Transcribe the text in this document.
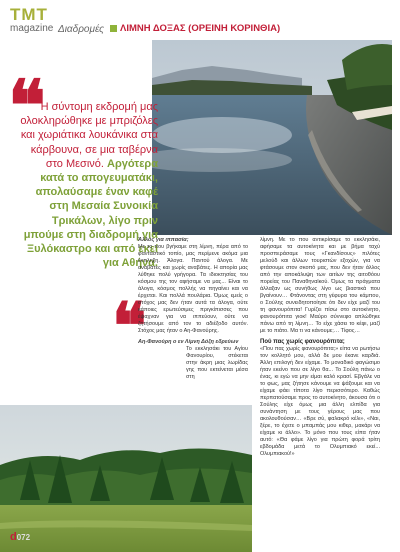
TMT
magazine Διαδρομές ΛΙΜΝΗ ΔΟΞΑΣ (ΟΡΕΙΝΗ ΚΟΡΙΝΘΙΑ)
❝
❝
Η σύντομη εκδρομή μας ολοκληρώθηκε με μπριζόλες και χωριάτικα λουκάνικα στα κάρβουνα, σε μια ταβέρνα στο Μεσινό. Αργότερα κατά το απογευματάκι, απολαύσαμε έναν καφέ στη Μεσαία Συνοικία Τρικάλων, λίγο πριν μπούμε στη διαδρομή για Ξυλόκαστρο και από εκεί για Αθήνα.
Άλλος για ιππασία;

Με το που βγήκαμε στη λίμνη, πέρα από το φανταστικό τοπίο, μας περίμενε ακόμα μια έκπληξη. Άλογα. Παντού άλογα. Με αναβάτες και χωρίς αναβάτες. Η απορία μας λύθηκε πολύ γρήγορα. Τα ιδιοκτησίας του κόσμου της τον αφήσαμε να μας... Είναι το άλογα, κόσμος πολλής να πηγαίνει και να έρχεται. Και πολλά πουλάρια. Όμως εμείς ο στόχος μας δεν ήταν αυτά τα άλογα, ούτε κάποιες ερωτεύσιμες πριγκίπισσες που έψαχναν για να ιππεύουν, ούτε να ζητήσουμε από τον το αδιέξοδο αυτόν. Στόχος μας ήταν ο Αη-Φανούρης.

Αη-Φανούρη ο εν Λίμνη Δόξη εδρεύων

Το εκκλησάκι του Αγίου Φανουρίου, στέκεται στην άκρη μιας λωρίδας γης που εκτείνεται μέσα στη

λίμνη. Με το που αντικρίσαμε το εκκλησάκι, αφήσαμε τα αυτοκίνητα και με βήμα ταχύ προσπεράσαμε τους «Γκανδίσους» πιλότες μελούδ και άλλων τουριστών εξοχών, για να φτάσουμε στον σκοπό μας, που δεν ήταν άλλος από την αποκάλυψη των αιτίων της αιτοθόου πορείας του Παναθηναϊκού. Όμως τα πράγματα άλλαξαν ως συνήθως λίγο ως βιαστικά που βγαίνουν… Φτάνοντας στη γέφυρα του κάμπου, ο Σούλης συνειδητοποίησε ότι δεν είχε μαζί του τη φανουρόπιτα! Γυρίζει πίσω στο αυτοκίνητο, φανουρόπιτα γιοκ! Μαύρο σύννεφο απλώθηκε πάνω από τη λίμνη… Το είχε χάσει το κέφι, μαζί με το πιάτο. Μα τι να κάνουμε;… Τίφος…

Πού πας χωρίς φανουρόπιτα;

«Που πας χωρίς φανουρόπιτα;» είπα να ρωτήσω τον κολλητό μου, αλλά δε μου έκανε καρδιά. Άλλη επιλογή δεν είχαμε. Το μοναδικό φαγώσιμο ήταν εκείνο που σε λίγο θα... Το Σούλη πάνω ο ένας, κι εγώ να μην είμαι καλό κρασί. Εβγάλε να το φως, μας ζήτησε κάνουμε να ψάξουμε και να είχαμε φάει τίποτα λίγο περισσότερο. Καθώς περπατούσαμε προς το αυτοκίνητο, άκουσα ότι ο Σούλης είχε όμως μια άλλη ελπίδα για συνάντηση με τους γέρους μας που ακολουθούσαν… «Βρε σύ, φαλακρό κέλι», «Ναι, ξέρε, το έχετε ο μπαμπάς μου κιθερ, μακάρι να είχαμε κι άλλο». Το μόνο που τους είπα ήταν αυτό: «Θα φάμε λίγο για πρώτη φορά τρίτη εβδομάδα μετά το Ολυμπιακό εκεί... Ολυμπιακού!»

d072
